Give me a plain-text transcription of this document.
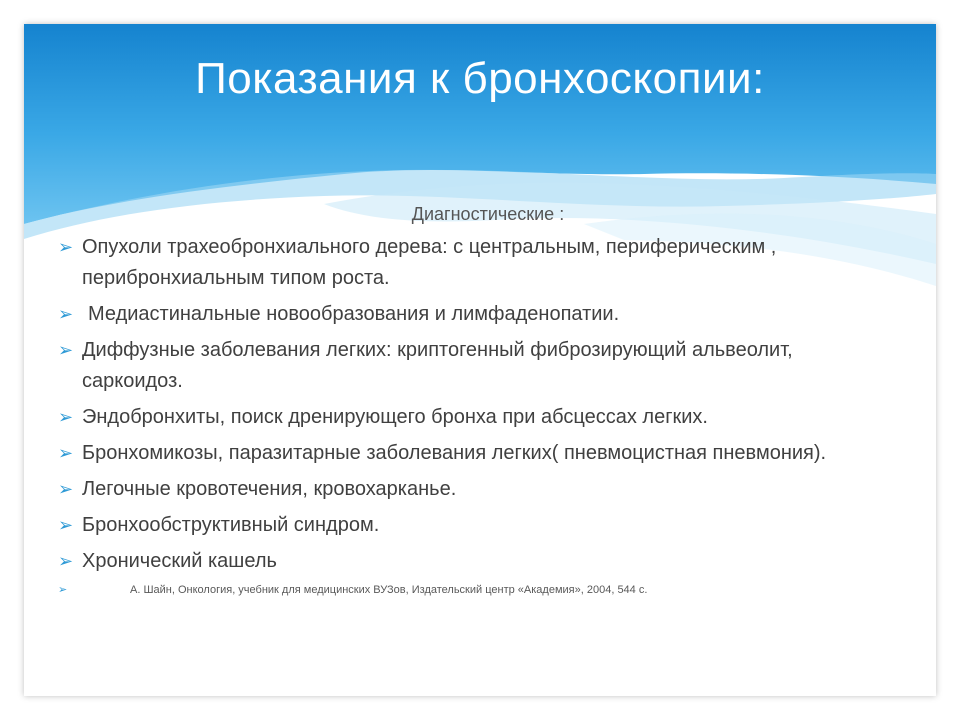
Показания к бронхоскопии:
Диагностические :
➢ Опухоли трахеобронхиального дерева: с центральным, периферическим , перибронхиальным типом роста.
➢ Медиастинальные новообразования и лимфаденопатии.
➢ Диффузные заболевания легких: криптогенный фиброзирующий альвеолит, саркоидоз.
➢ Эндобронхиты, поиск дренирующего бронха при абсцессах легких.
➢ Бронхомикозы, паразитарные заболевания легких( пневмоцистная пневмония).
➢ Легочные кровотечения, кровохарканье.
➢ Бронхообструктивный синдром.
➢ Хронический кашель
➢	А. Шайн, Онкология, учебник для медицинских ВУЗов, Издательский центр «Академия», 2004, 544 с.
